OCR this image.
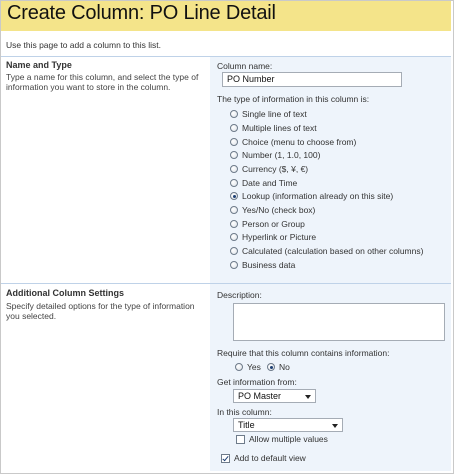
Create Column: PO Line Detail
Use this page to add a column to this list.
Name and Type
Type a name for this column, and select the type of information you want to store in the column.
Column name:
PO Number
The type of information in this column is:
Single line of text
Multiple lines of text
Choice (menu to choose from)
Number (1, 1.0, 100)
Currency ($, ¥, €)
Date and Time
Lookup (information already on this site)
Yes/No (check box)
Person or Group
Hyperlink or Picture
Calculated (calculation based on other columns)
Business data
Additional Column Settings
Specify detailed options for the type of information you selected.
Description:
Require that this column contains information:
Yes No
Get information from:
PO Master
In this column:
Title
Allow multiple values
Add to default view
